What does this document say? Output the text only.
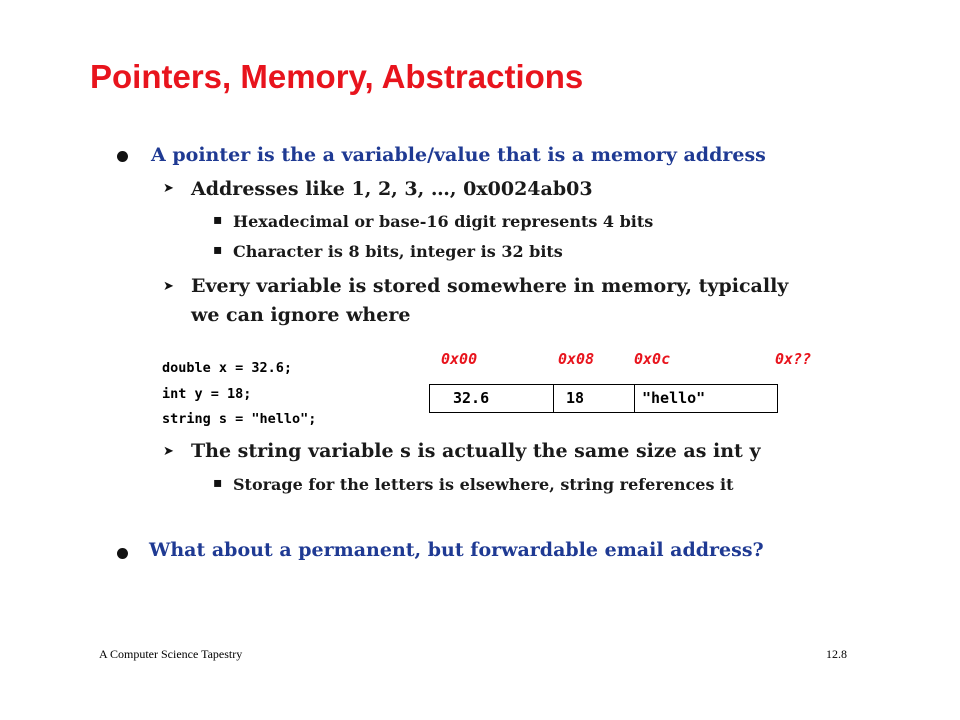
Pointers, Memory, Abstractions
A pointer is the a variable/value that is a memory address
➤ Addresses like 1, 2, 3, …, 0x0024ab03
▪ Hexadecimal or base-16 digit represents 4 bits
▪ Character is 8 bits, integer is 32 bits
➤ Every variable is stored somewhere in memory, typically
we can ignore where
double x = 32.6;
int y = 18;
string s = "hello";
0x00	0x08	0x0c	0x??
32.6	18	"hello"
➤ The string variable s is actually the same size as int y
▪ Storage for the letters is elsewhere, string references it
What about a permanent, but forwardable email address?
A Computer Science Tapestry	12.8
